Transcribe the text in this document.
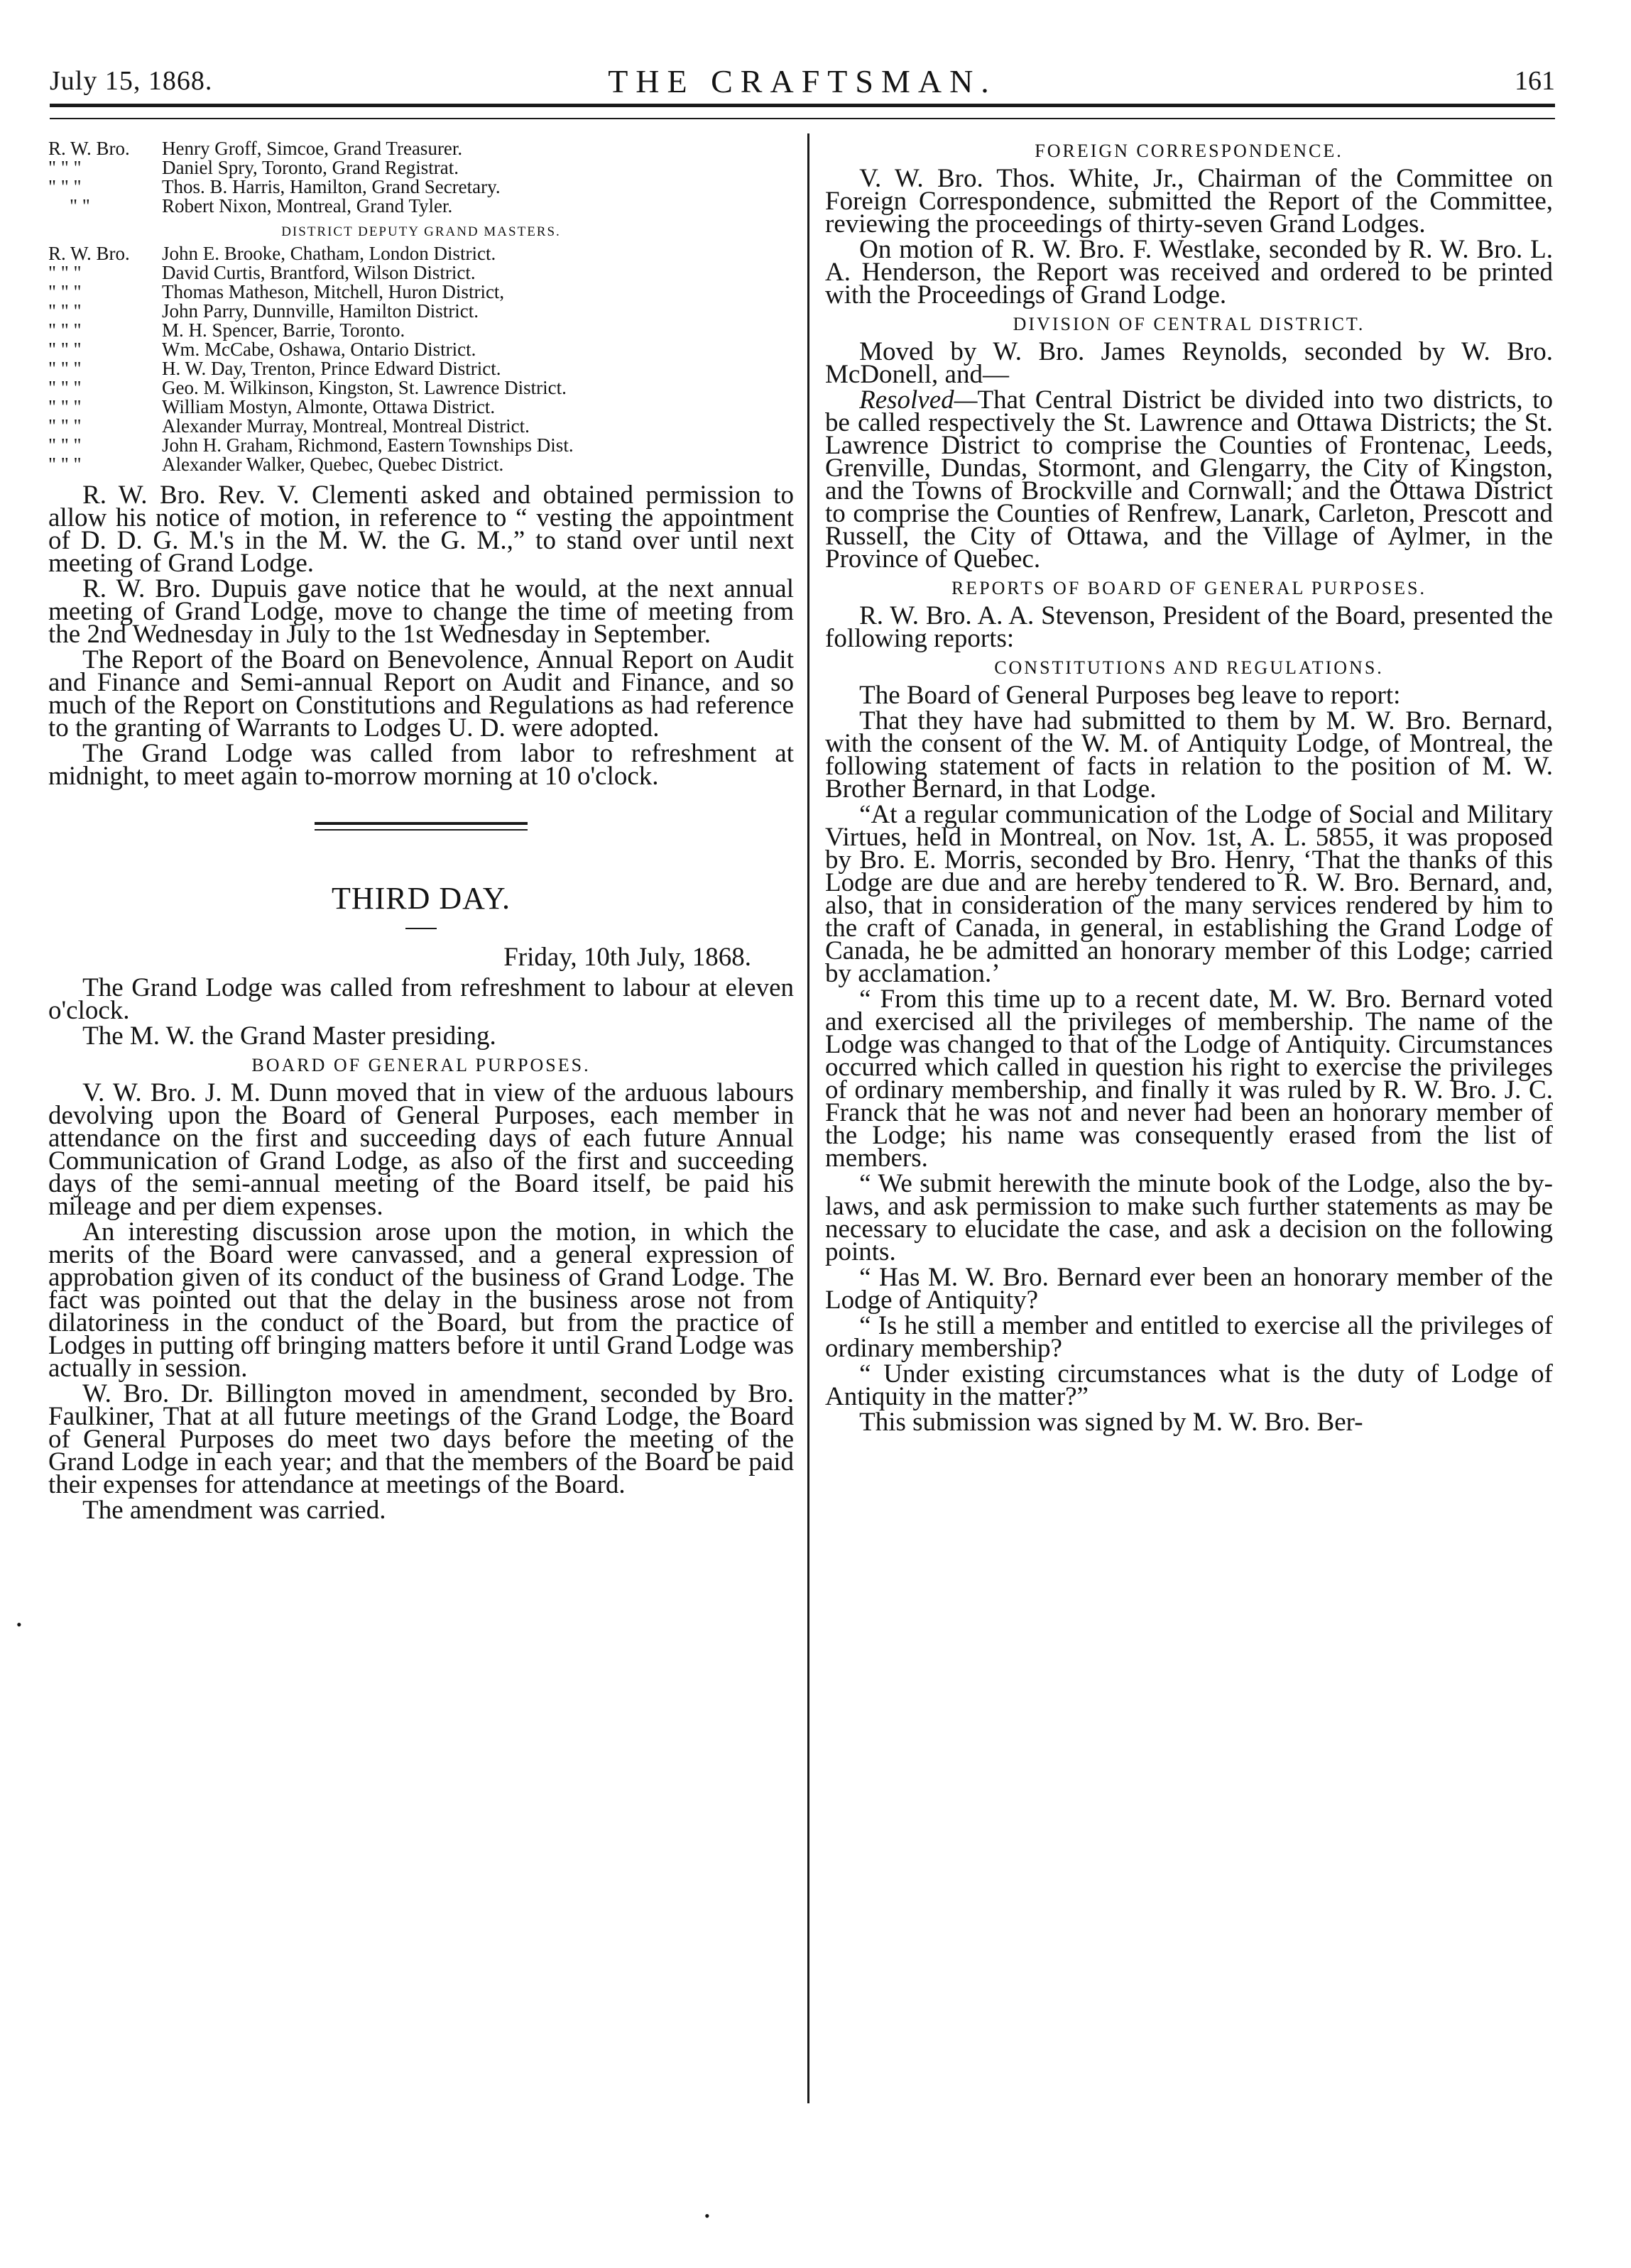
July 15, 1868.	THE CRAFTSMAN.	161
•

R. W. Bro. Henry Groff, Simcoe, Grand Treasurer.

" " "	Daniel Spry, Toronto, Grand Registrat.

" " "	Thos. B. Harris, Hamilton, Grand Secretary.

" "	Robert Nixon, Montreal, Grand Tyler.

DISTRICT DEPUTY GRAND MASTERS.

R. W. Bro. John E. Brooke, Chatham, London District.

" " "	David Curtis, Brantford, Wilson District.

" " "	Thomas Matheson, Mitchell, Huron District,

" " "	John Parry, Dunnville, Hamilton District.

" " "	M. H. Spencer, Barrie, Toronto.

" " "	Wm. McCabe, Oshawa, Ontario District.

" " "	H. W. Day, Trenton, Prince Edward District.

" " "	Geo. M. Wilkinson, Kingston, St. Lawrence District.

" " "	William Mostyn, Almonte, Ottawa District.

" " "	Alexander Murray, Montreal, Montreal District.

" " "	John H. Graham, Richmond, Eastern Townships Dist.

" " "	Alexander Walker, Quebec, Quebec District.

R. W. Bro. Rev. V. Clementi asked and obtained permission to allow his notice of motion, in reference to “ vesting the appointment of D. D. G. M.'s in the M. W. the G. M.,” to stand over until next meeting of Grand Lodge.

R. W. Bro. Dupuis gave notice that he would, at the next annual meeting of Grand Lodge, move to change the time of meeting from the 2nd Wednesday in July to the 1st Wednesday in September.

The Report of the Board on Benevolence, Annual Report on Audit and Finance and Semi-annual Report on Audit and Finance, and so much of the Report on Constitutions and Regulations as had reference to the granting of Warrants to Lodges U. D. were adopted.

The Grand Lodge was called from labor to refreshment at midnight, to meet again to-morrow morning at 10 o'clock.

THIRD DAY.
Friday, 10th July, 1868.

The Grand Lodge was called from refreshment to labour at eleven o'clock.

The M. W. the Grand Master presiding.

BOARD OF GENERAL PURPOSES.

V. W. Bro. J. M. Dunn moved that in view of the arduous labours devolving upon the Board of General Purposes, each member in attendance on the first and succeeding days of each future Annual Communication of Grand Lodge, as also of the first and succeeding days of the semi-annual meeting of the Board itself, be paid his mileage and per diem expenses.

An interesting discussion arose upon the motion, in which the merits of the Board were canvassed, and a general expression of approbation given of its conduct of the business of Grand Lodge. The fact was pointed out that the delay in the business arose not from dilatoriness in the conduct of the Board, but from the practice of Lodges in putting off bringing matters before it until Grand Lodge was actually in session.

W. Bro. Dr. Billington moved in amendment, seconded by Bro. Faulkiner, That at all future meetings of the Grand Lodge, the Board of General Purposes do meet two days before the meeting of the Grand Lodge in each year; and that the members of the Board be paid their expenses for attendance at meetings of the Board.

The amendment was carried.

FOREIGN CORRESPONDENCE.

V. W. Bro. Thos. White, Jr., Chairman of the Committee on Foreign Correspondence, submitted the Report of the Committee, reviewing the proceedings of thirty-seven Grand Lodges.

On motion of R. W. Bro. F. Westlake, seconded by R. W. Bro. L. A. Henderson, the Report was received and ordered to be printed with the Proceedings of Grand Lodge.

DIVISION OF CENTRAL DISTRICT.

Moved by W. Bro. James Reynolds, seconded by W. Bro. McDonell, and—

Resolved—That Central District be divided into two districts, to be called respectively the St. Lawrence and Ottawa Districts; the St. Lawrence District to comprise the Counties of Frontenac, Leeds, Grenville, Dundas, Stormont, and Glengarry, the City of Kingston, and the Towns of Brockville and Cornwall; and the Ottawa District to comprise the Counties of Renfrew, Lanark, Carleton, Prescott and Russell, the City of Ottawa, and the Village of Aylmer, in the Province of Quebec.

REPORTS OF BOARD OF GENERAL PURPOSES.

R. W. Bro. A. A. Stevenson, President of the Board, presented the following reports:

CONSTITUTIONS AND REGULATIONS.

The Board of General Purposes beg leave to report:

That they have had submitted to them by M. W. Bro. Bernard, with the consent of the W. M. of Antiquity Lodge, of Montreal, the following statement of facts in relation to the position of M. W. Brother Bernard, in that Lodge.

“At a regular communication of the Lodge of Social and Military Virtues, held in Montreal, on Nov. 1st, A. L. 5855, it was proposed by Bro. E. Morris, seconded by Bro. Henry, ‘That the thanks of this Lodge are due and are hereby tendered to R. W. Bro. Bernard, and, also, that in consideration of the many services rendered by him to the craft of Canada, in general, in establishing the Grand Lodge of Canada, he be admitted an honorary member of this Lodge; carried by acclamation.’

“ From this time up to a recent date, M. W. Bro. Bernard voted and exercised all the privileges of membership. The name of the Lodge was changed to that of the Lodge of Antiquity. Circumstances occurred which called in question his right to exercise the privileges of ordinary membership, and finally it was ruled by R. W. Bro. J. C. Franck that he was not and never had been an honorary member of the Lodge; his name was consequently erased from the list of members.

“ We submit herewith the minute book of the Lodge, also the by-laws, and ask permission to make such further statements as may be necessary to elucidate the case, and ask a decision on the following points.

“ Has M. W. Bro. Bernard ever been an honorary member of the Lodge of Antiquity?

“ Is he still a member and entitled to exercise all the privileges of ordinary membership?

“ Under existing circumstances what is the duty of Lodge of Antiquity in the matter?”

This submission was signed by M. W. Bro. Ber-

•
